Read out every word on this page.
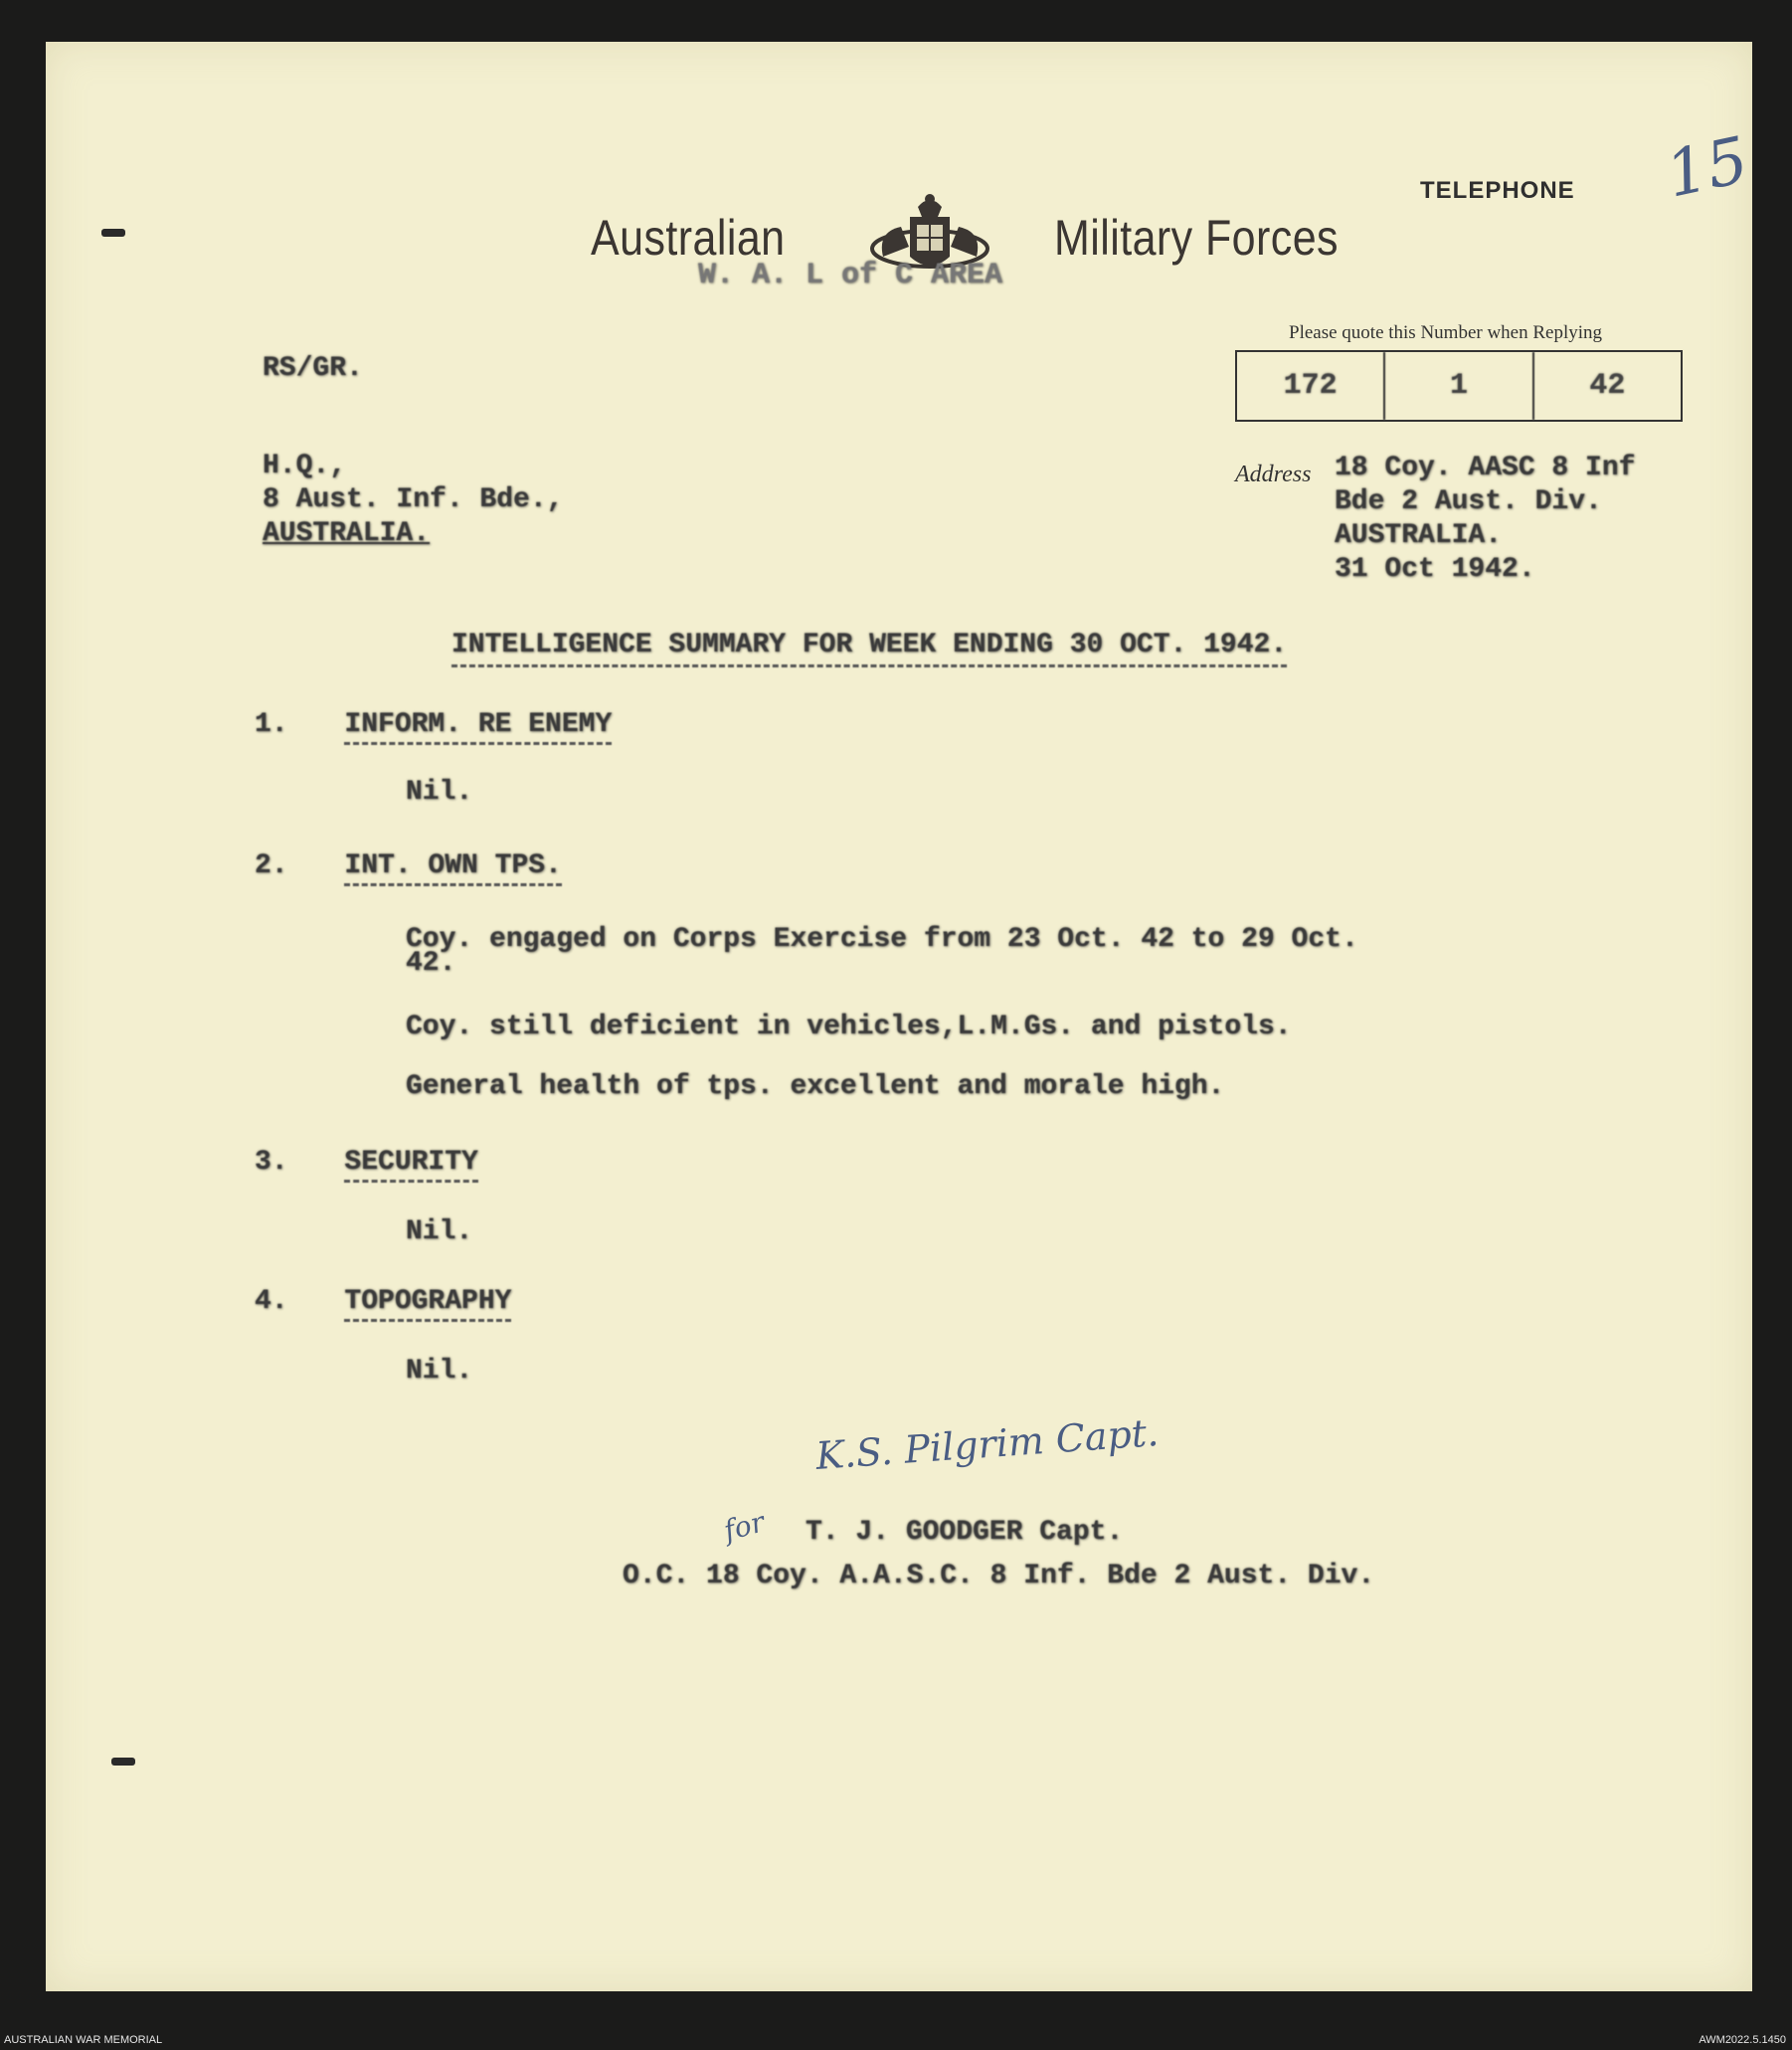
15
TELEPHONE
Australian	Military Forces
W. A. L of C AREA
Please quote this Number when Replying
172	1	42
RS/GR.
H.Q.,
8 Aust. Inf. Bde.,
AUSTRALIA.
Address 18 Coy. AASC 8 Inf
Bde 2 Aust. Div.
AUSTRALIA.
31 Oct 1942.
INTELLIGENCE SUMMARY FOR WEEK ENDING 30 OCT. 1942.
1. INFORM. RE ENEMY
Nil.
2. INT. OWN TPS.
Coy. engaged on Corps Exercise from 23 Oct. 42 to 29 Oct.
42.
Coy. still deficient in vehicles,L.M.Gs. and pistols.
General health of tps. excellent and morale high.
3. SECURITY
Nil.
4. TOPOGRAPHY
Nil.
K.S. Pilgrim Capt.
for T. J. GOODGER Capt.
O.C. 18 Coy. A.A.S.C. 8 Inf. Bde 2 Aust. Div.
AUSTRALIAN WAR MEMORIAL	AWM2022.5.1450
